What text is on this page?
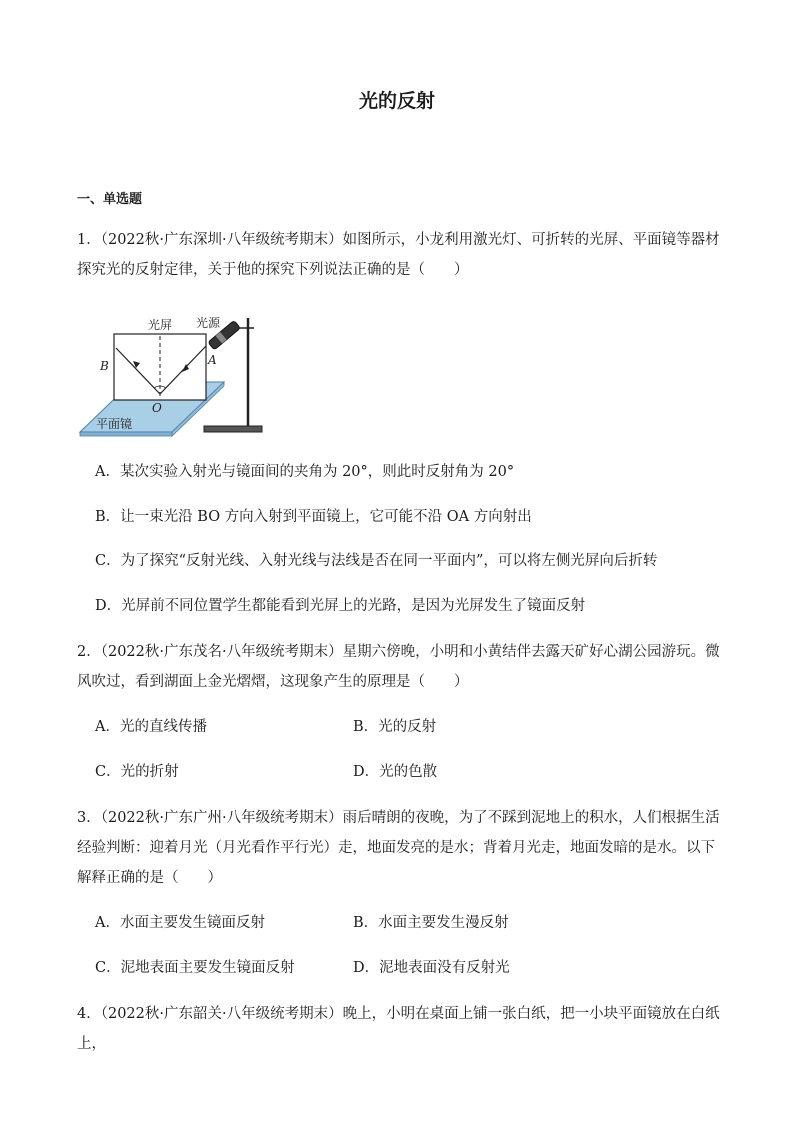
光的反射
一、单选题
1．（2022秋·广东深圳·八年级统考期末）如图所示，小龙利用激光灯、可折转的光屏、平面镜等器材探究光的反射定律，关于他的探究下列说法正确的是（　　）
光屏 光源
B	A
O
平面镜
A．某次实验入射光与镜面间的夹角为 20°，则此时反射角为 20°
B．让一束光沿 BO 方向入射到平面镜上，它可能不沿 OA 方向射出
C．为了探究“反射光线、入射光线与法线是否在同一平面内”，可以将左侧光屏向后折转
D．光屏前不同位置学生都能看到光屏上的光路，是因为光屏发生了镜面反射
2．（2022秋·广东茂名·八年级统考期末）星期六傍晚，小明和小黄结伴去露天矿好心湖公园游玩。微风吹过，看到湖面上金光熠熠，这现象产生的原理是（　　）
A．光的直线传播	B．光的反射
C．光的折射	D．光的色散
3．（2022秋·广东广州·八年级统考期末）雨后晴朗的夜晚，为了不踩到泥地上的积水，人们根据生活经验判断：迎着月光（月光看作平行光）走，地面发亮的是水；背着月光走，地面发暗的是水。以下解释正确的是（　　）
A．水面主要发生镜面反射	B．水面主要发生漫反射
C．泥地表面主要发生镜面反射	D．泥地表面没有反射光
4．（2022秋·广东韶关·八年级统考期末）晚上，小明在桌面上铺一张白纸，把一小块平面镜放在白纸上，
